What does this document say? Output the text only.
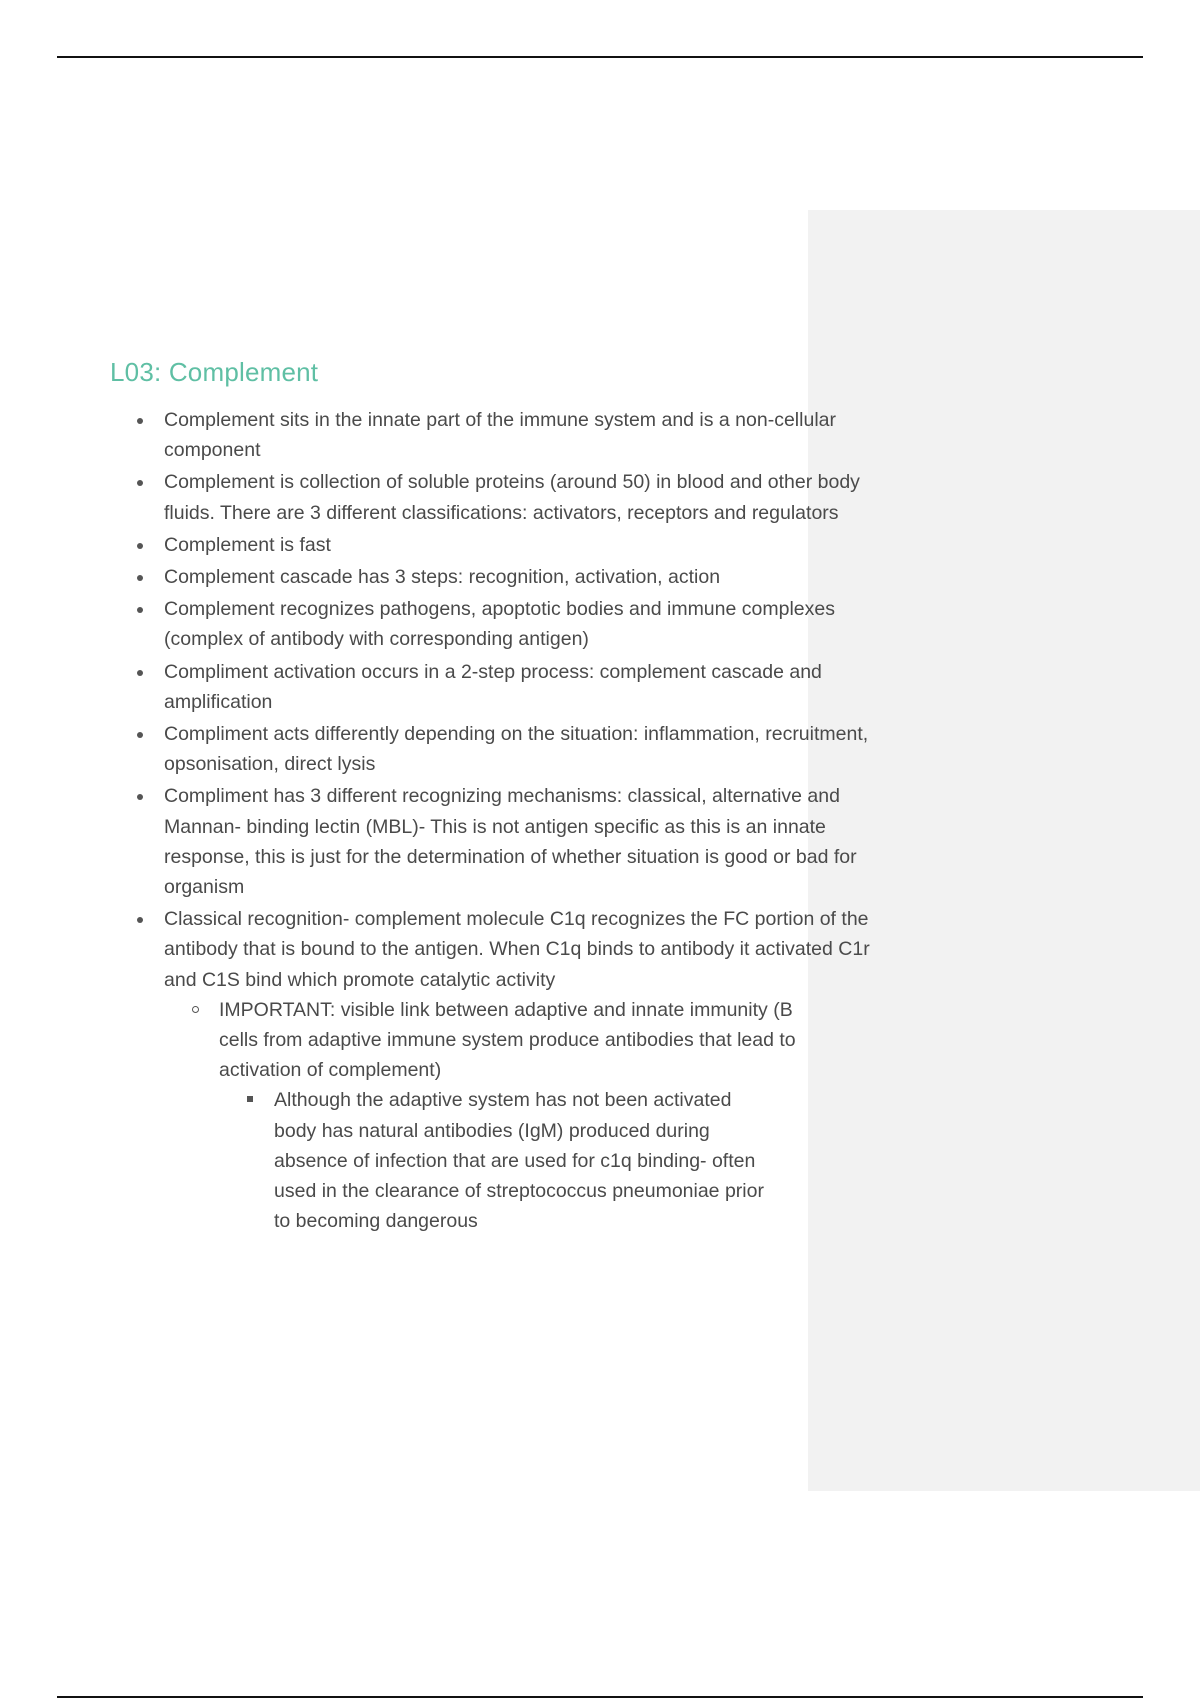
L03: Complement
Complement sits in the innate part of the immune system and is a non-cellular component
Complement is collection of soluble proteins (around 50) in blood and other body fluids. There are 3 different classifications: activators, receptors and regulators
Complement is fast
Complement cascade has 3 steps: recognition, activation, action
Complement recognizes pathogens, apoptotic bodies and immune complexes (complex of antibody with corresponding antigen)
Compliment activation occurs in a 2-step process: complement cascade and amplification
Compliment acts differently depending on the situation: inflammation, recruitment, opsonisation, direct lysis
Compliment has 3 different recognizing mechanisms: classical, alternative and Mannan- binding lectin (MBL)- This is not antigen specific as this is an innate response, this is just for the determination of whether situation is good or bad for organism
Classical recognition- complement molecule C1q recognizes the FC portion of the antibody that is bound to the antigen. When C1q binds to antibody it activated C1r and C1S bind which promote catalytic activity
IMPORTANT: visible link between adaptive and innate immunity (B cells from adaptive immune system produce antibodies that lead to activation of complement)
Although the adaptive system has not been activated body has natural antibodies (IgM) produced during absence of infection that are used for c1q binding- often used in the clearance of streptococcus pneumoniae prior to becoming dangerous
